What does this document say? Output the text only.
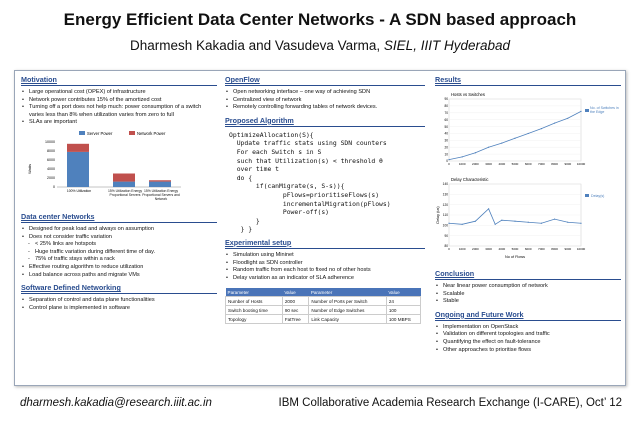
Energy Efficient Data Center Networks - A SDN based approach
Dharmesh Kakadia and Vasudeva Varma, SIEL, IIIT Hyderabad
Motivation
• Large operational cost (OPEX) of infrastructure
• Network power contributes 15% of the amortized cost
• Turning off a port does not help much: power consumption of a switch varies less than 8% when utilization varies from zero to full
• SLAs are important
Server Power	Network Power
Watts
10000
8000
6000
4000
2000
0
100% Utilization	15% Utilization Energy Proportional Servers
15% Utilization Energy Proportional Servers and Network
Data center Networks
• Designed for peak load and always on assumption
• Does not consider traffic variation
- < 25% links are hotspots
- Huge traffic variation during different time of day.
- 75% of traffic stays within a rack
• Effective routing algorithm to reduce utilization
• Load balance across paths and migrate VMs
Software Defined Networking
• Separation of control and data plane functionalities
• Control plane is implemented in software
OpenFlow
• Open networking interface – one way of achieving SDN
• Centralized view of network
• Remotely controlling forwarding tables of network devices.
Proposed Algorithm
OptimizeAllocation(S){
Update traffic stats using SDN counters
For each Switch s in S
such that Utilization(s) < threshold θ
over time t
do {
if(canMigrate(s, S-s)){
pFlows=prioritiseFlows(s)
incrementalMigration(pFlows)
Power-off(s)
}
} }
Experimental setup
• Simulation using Mininet
• Floodlight as SDN controller
• Random traffic from each host to fixed no of other hosts
• Delay variation as an indicator of SLA adherence
Parameter	Value	Parameter	Value
Number of Hosts	2000	Number of Ports per Switch	24
Switch booting time	90 sec	Number of Edge Switches	100
Topology	FatTree	Link Capacity	100 MBPS
Results
Hosts vs Switches
0
10
20
30
40
50
60
70
80
90
0	1000 2000 3000 4000 5000 6000 7000 8000 9000 10000
No. of Switches in the Edge

Delay Characteristic
80
90
100
110
120
130
140
0	1000 2000 3000 4000 5000 6000 7000 8000 9000 10000
Delay (us)
No of Flows
Delay(s)
Conclusion
• Near linear power consumption of network
• Scalable
• Stable
Ongoing and Future Work
• Implementation on OpenStack
• Validation on different topologies and traffic
• Quantifying the effect on fault-tolerance
• Other approaches to prioritise flows
dharmesh.kakadia@research.iiit.ac.in	IBM Collaborative Academia Research Exchange (I-CARE), Oct’ 12
